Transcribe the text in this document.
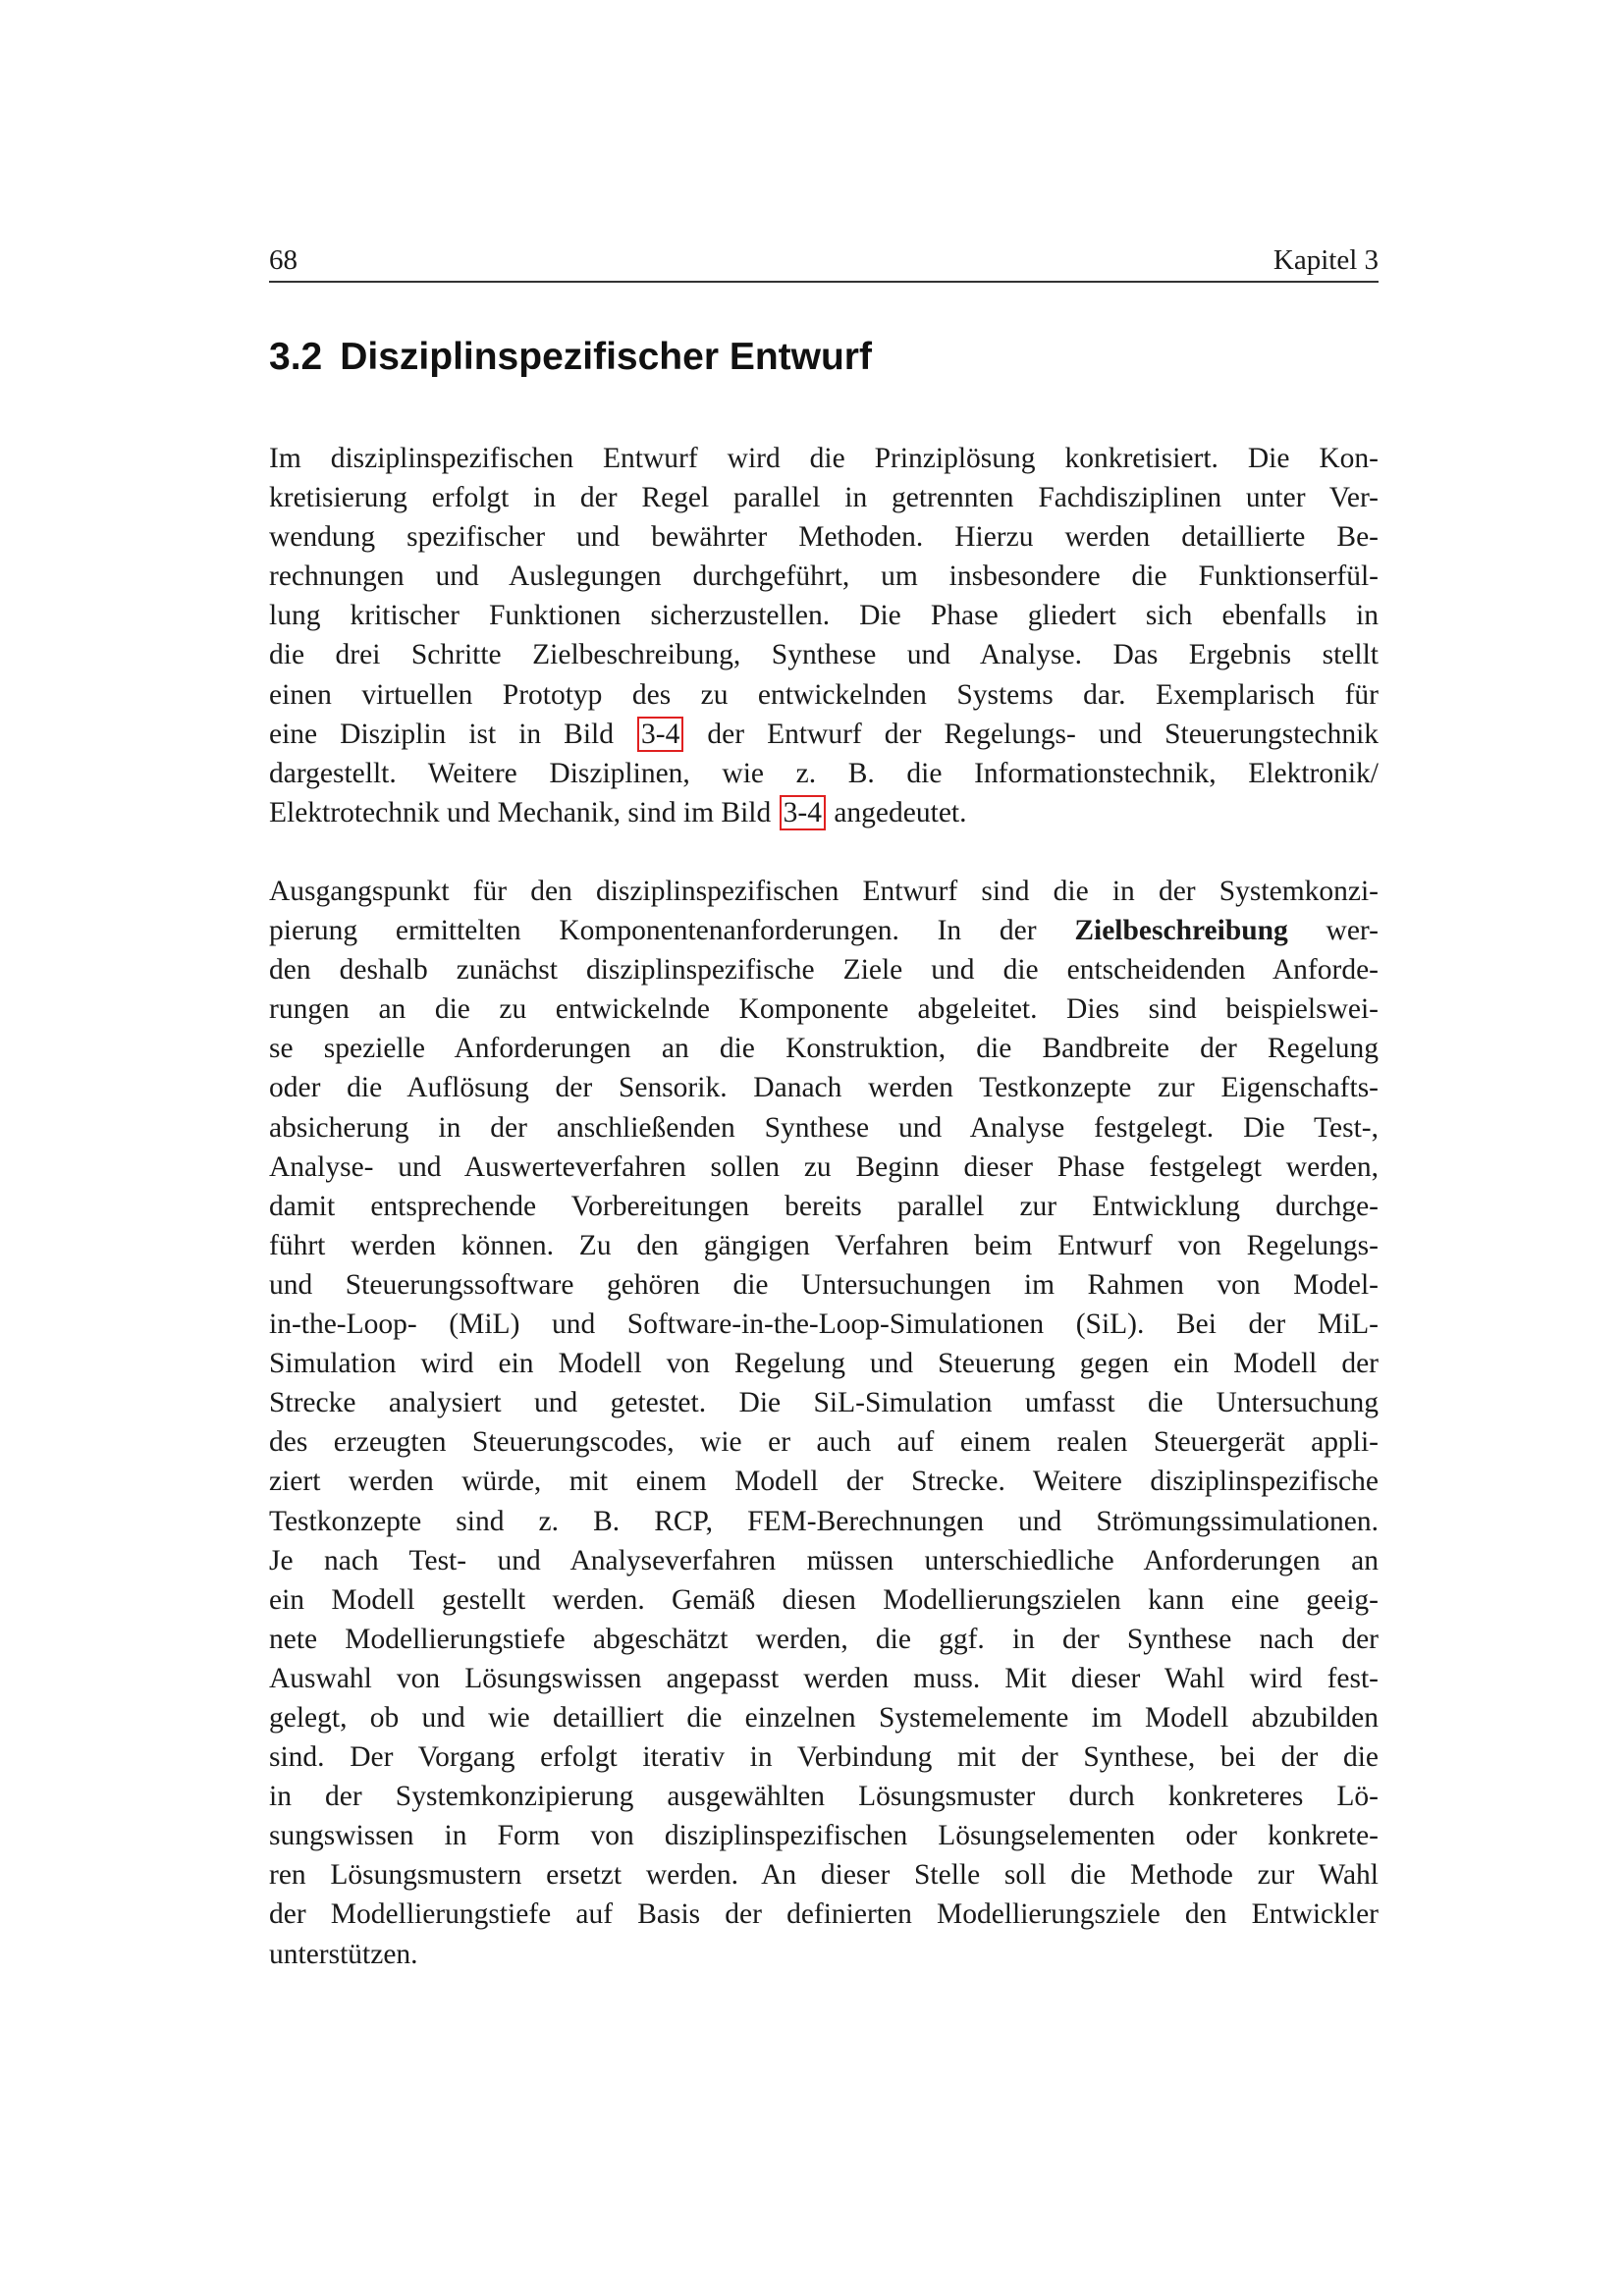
68	Kapitel 3
3.2 Disziplinspezifischer Entwurf
Im disziplinspezifischen Entwurf wird die Prinziplösung konkretisiert. Die Kon-
kretisierung erfolgt in der Regel parallel in getrennten Fachdisziplinen unter Ver-
wendung spezifischer und bewährter Methoden. Hierzu werden detaillierte Be-
rechnungen und Auslegungen durchgeführt, um insbesondere die Funktionserfül-
lung kritischer Funktionen sicherzustellen. Die Phase gliedert sich ebenfalls in
die drei Schritte Zielbeschreibung, Synthese und Analyse. Das Ergebnis stellt
einen virtuellen Prototyp des zu entwickelnden Systems dar. Exemplarisch für
eine Disziplin ist in Bild 3-4 der Entwurf der Regelungs- und Steuerungstechnik
dargestellt. Weitere Disziplinen, wie z. B. die Informationstechnik, Elektronik/
Elektrotechnik und Mechanik, sind im Bild 3-4 angedeutet.
Ausgangspunkt für den disziplinspezifischen Entwurf sind die in der Systemkonzi-
pierung ermittelten Komponentenanforderungen. In der Zielbeschreibung wer-
den deshalb zunächst disziplinspezifische Ziele und die entscheidenden Anforde-
rungen an die zu entwickelnde Komponente abgeleitet. Dies sind beispielswei-
se spezielle Anforderungen an die Konstruktion, die Bandbreite der Regelung
oder die Auflösung der Sensorik. Danach werden Testkonzepte zur Eigenschafts-
absicherung in der anschließenden Synthese und Analyse festgelegt. Die Test-,
Analyse- und Auswerteverfahren sollen zu Beginn dieser Phase festgelegt werden,
damit entsprechende Vorbereitungen bereits parallel zur Entwicklung durchge-
führt werden können. Zu den gängigen Verfahren beim Entwurf von Regelungs-
und Steuerungssoftware gehören die Untersuchungen im Rahmen von Model-
in-the-Loop- (MiL) und Software-in-the-Loop-Simulationen (SiL). Bei der MiL-
Simulation wird ein Modell von Regelung und Steuerung gegen ein Modell der
Strecke analysiert und getestet. Die SiL-Simulation umfasst die Untersuchung
des erzeugten Steuerungscodes, wie er auch auf einem realen Steuergerät appli-
ziert werden würde, mit einem Modell der Strecke. Weitere disziplinspezifische
Testkonzepte sind z. B. RCP, FEM-Berechnungen und Strömungssimulationen.
Je nach Test- und Analyseverfahren müssen unterschiedliche Anforderungen an
ein Modell gestellt werden. Gemäß diesen Modellierungszielen kann eine geeig-
nete Modellierungstiefe abgeschätzt werden, die ggf. in der Synthese nach der
Auswahl von Lösungswissen angepasst werden muss. Mit dieser Wahl wird fest-
gelegt, ob und wie detailliert die einzelnen Systemelemente im Modell abzubilden
sind. Der Vorgang erfolgt iterativ in Verbindung mit der Synthese, bei der die
in der Systemkonzipierung ausgewählten Lösungsmuster durch konkreteres Lö-
sungswissen in Form von disziplinspezifischen Lösungselementen oder konkrete-
ren Lösungsmustern ersetzt werden. An dieser Stelle soll die Methode zur Wahl
der Modellierungstiefe auf Basis der definierten Modellierungsziele den Entwickler
unterstützen.
